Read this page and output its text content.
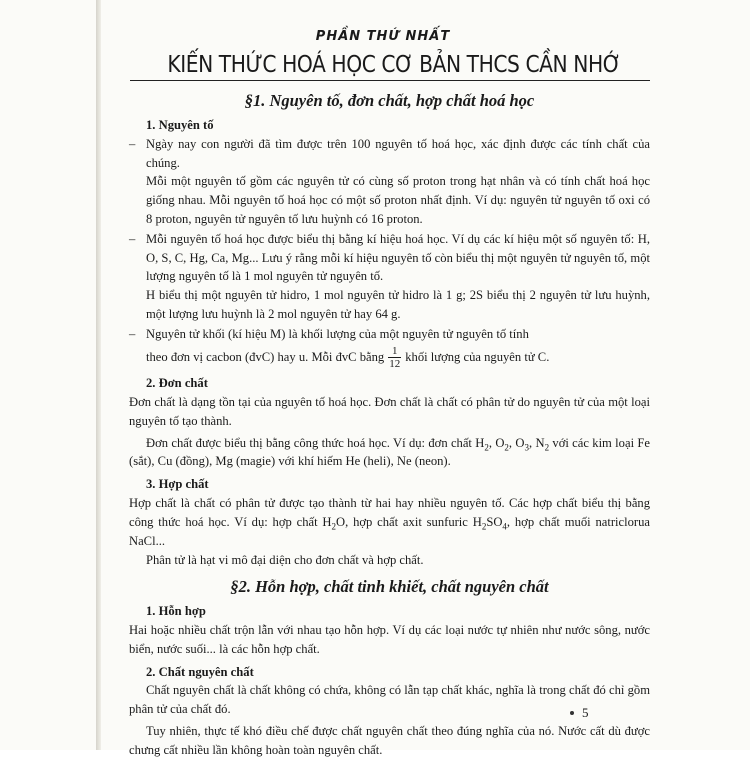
PHẦN THỨ NHẤT
KIẾN THỨC HOÁ HỌC CƠ BẢN THCS CẦN NHỚ
§1. Nguyên tố, đơn chất, hợp chất hoá học
1. Nguyên tố
– Ngày nay con người đã tìm được trên 100 nguyên tố hoá học, xác định được các tính chất của chúng.

Mỗi một nguyên tố gồm các nguyên tử có cùng số proton trong hạt nhân và có tính chất hoá học giống nhau. Mỗi nguyên tố hoá học có một số proton nhất định. Ví dụ: nguyên tử nguyên tố oxi có 8 proton, nguyên tử nguyên tố lưu huỳnh có 16 proton.

– Mỗi nguyên tố hoá học được biểu thị bằng kí hiệu hoá học. Ví dụ các kí hiệu một số nguyên tố: H, O, S, C, Hg, Ca, Mg... Lưu ý rằng mỗi kí hiệu nguyên tố còn biểu thị một nguyên tử nguyên tố, một lượng nguyên tố là 1 mol nguyên tử nguyên tố.

H biểu thị một nguyên tử hidro, 1 mol nguyên tử hidro là 1 g; 2S biểu thị 2 nguyên tử lưu huỳnh, một lượng lưu huỳnh là 2 mol nguyên tử hay 64 g.

– Nguyên tử khối (kí hiệu M) là khối lượng của một nguyên tử nguyên tố tính

theo đơn vị cacbon (đvC) hay u. Mỗi đvC bằng $\frac{1}{12}$ khối lượng của nguyên tử C.

2. Đơn chất

Đơn chất là dạng tồn tại của nguyên tố hoá học. Đơn chất là chất có phân tử do nguyên tử của một loại nguyên tố tạo thành.

Đơn chất được biểu thị bằng công thức hoá học. Ví dụ: đơn chất $H_2$, $O_2$, $O_3$, $N_2$ với các kim loại Fe (sắt), Cu (đồng), Mg (magie) với khí hiếm He (heli), Ne (neon).

3. Hợp chất

Hợp chất là chất có phân tử được tạo thành từ hai hay nhiều nguyên tố. Các hợp chất biểu thị bằng công thức hoá học. Ví dụ: hợp chất $H_2O$, hợp chất axit sunfuric $H_2SO_4$, hợp chất muối natriclorua NaCl...

Phân tử là hạt vi mô đại diện cho đơn chất và hợp chất.

§2. Hỗn hợp, chất tinh khiết, chất nguyên chất
1. Hỗn hợp

Hai hoặc nhiều chất trộn lẫn với nhau tạo hỗn hợp. Ví dụ các loại nước tự nhiên như nước sông, nước biển, nước suối... là các hỗn hợp chất.

2. Chất nguyên chất

Chất nguyên chất là chất không có chứa, không có lẫn tạp chất khác, nghĩa là trong chất đó chỉ gồm phân tử của chất đó.

Tuy nhiên, thực tế khó điều chế được chất nguyên chất theo đúng nghĩa của nó. Nước cất dù được chưng cất nhiều lần không hoàn toàn nguyên chất.

5
